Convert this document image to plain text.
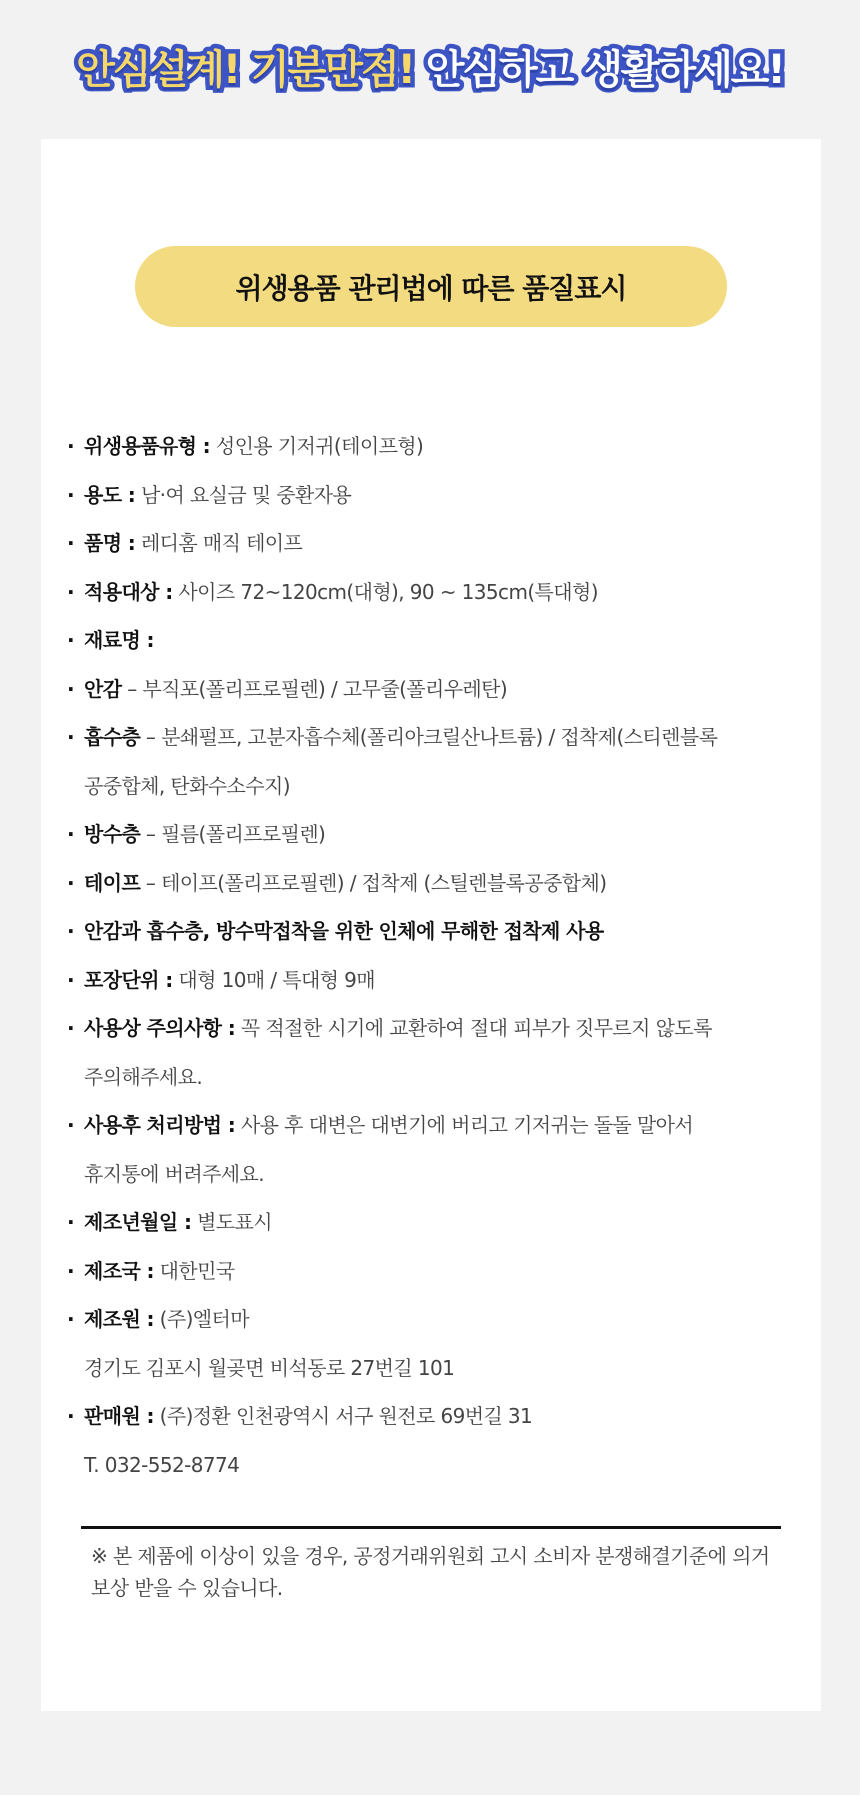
안심설계! 기분만점! 안심하고 생활하세요!
위생용품 관리법에 따른 품질표시
· 위생용품유형 : 성인용 기저귀(테이프형)
· 용도 : 남·여 요실금 및 중환자용
· 품명 : 레디홈 매직 테이프
· 적용대상 : 사이즈 72~120cm(대형), 90 ~ 135cm(특대형)
· 재료명 :
· 안감 – 부직포(폴리프로필렌) / 고무줄(폴리우레탄)
· 흡수층 – 분쇄펄프, 고분자흡수체(폴리아크릴산나트륨) / 접착제(스티렌블록
공중합체, 탄화수소수지)
· 방수층 – 필름(폴리프로필렌)
· 테이프 – 테이프(폴리프로필렌) / 접착제 (스틸렌블록공중합체)
· 안감과 흡수층, 방수막접착을 위한 인체에 무해한 접착제 사용
· 포장단위 : 대형 10매 / 특대형 9매
· 사용상 주의사항 : 꼭 적절한 시기에 교환하여 절대 피부가 짓무르지 않도록
주의해주세요.
· 사용후 처리방법 : 사용 후 대변은 대변기에 버리고 기저귀는 돌돌 말아서
휴지통에 버려주세요.
· 제조년월일 : 별도표시
· 제조국 : 대한민국
· 제조원 : (주)엘터마
경기도 김포시 월곶면 비석동로 27번길 101
· 판매원 : (주)정환 인천광역시 서구 원전로 69번길 31
T. 032-552-8774
※ 본 제품에 이상이 있을 경우, 공정거래위원회 고시 소비자 분쟁해결기준에 의거 보상 받을 수 있습니다.
